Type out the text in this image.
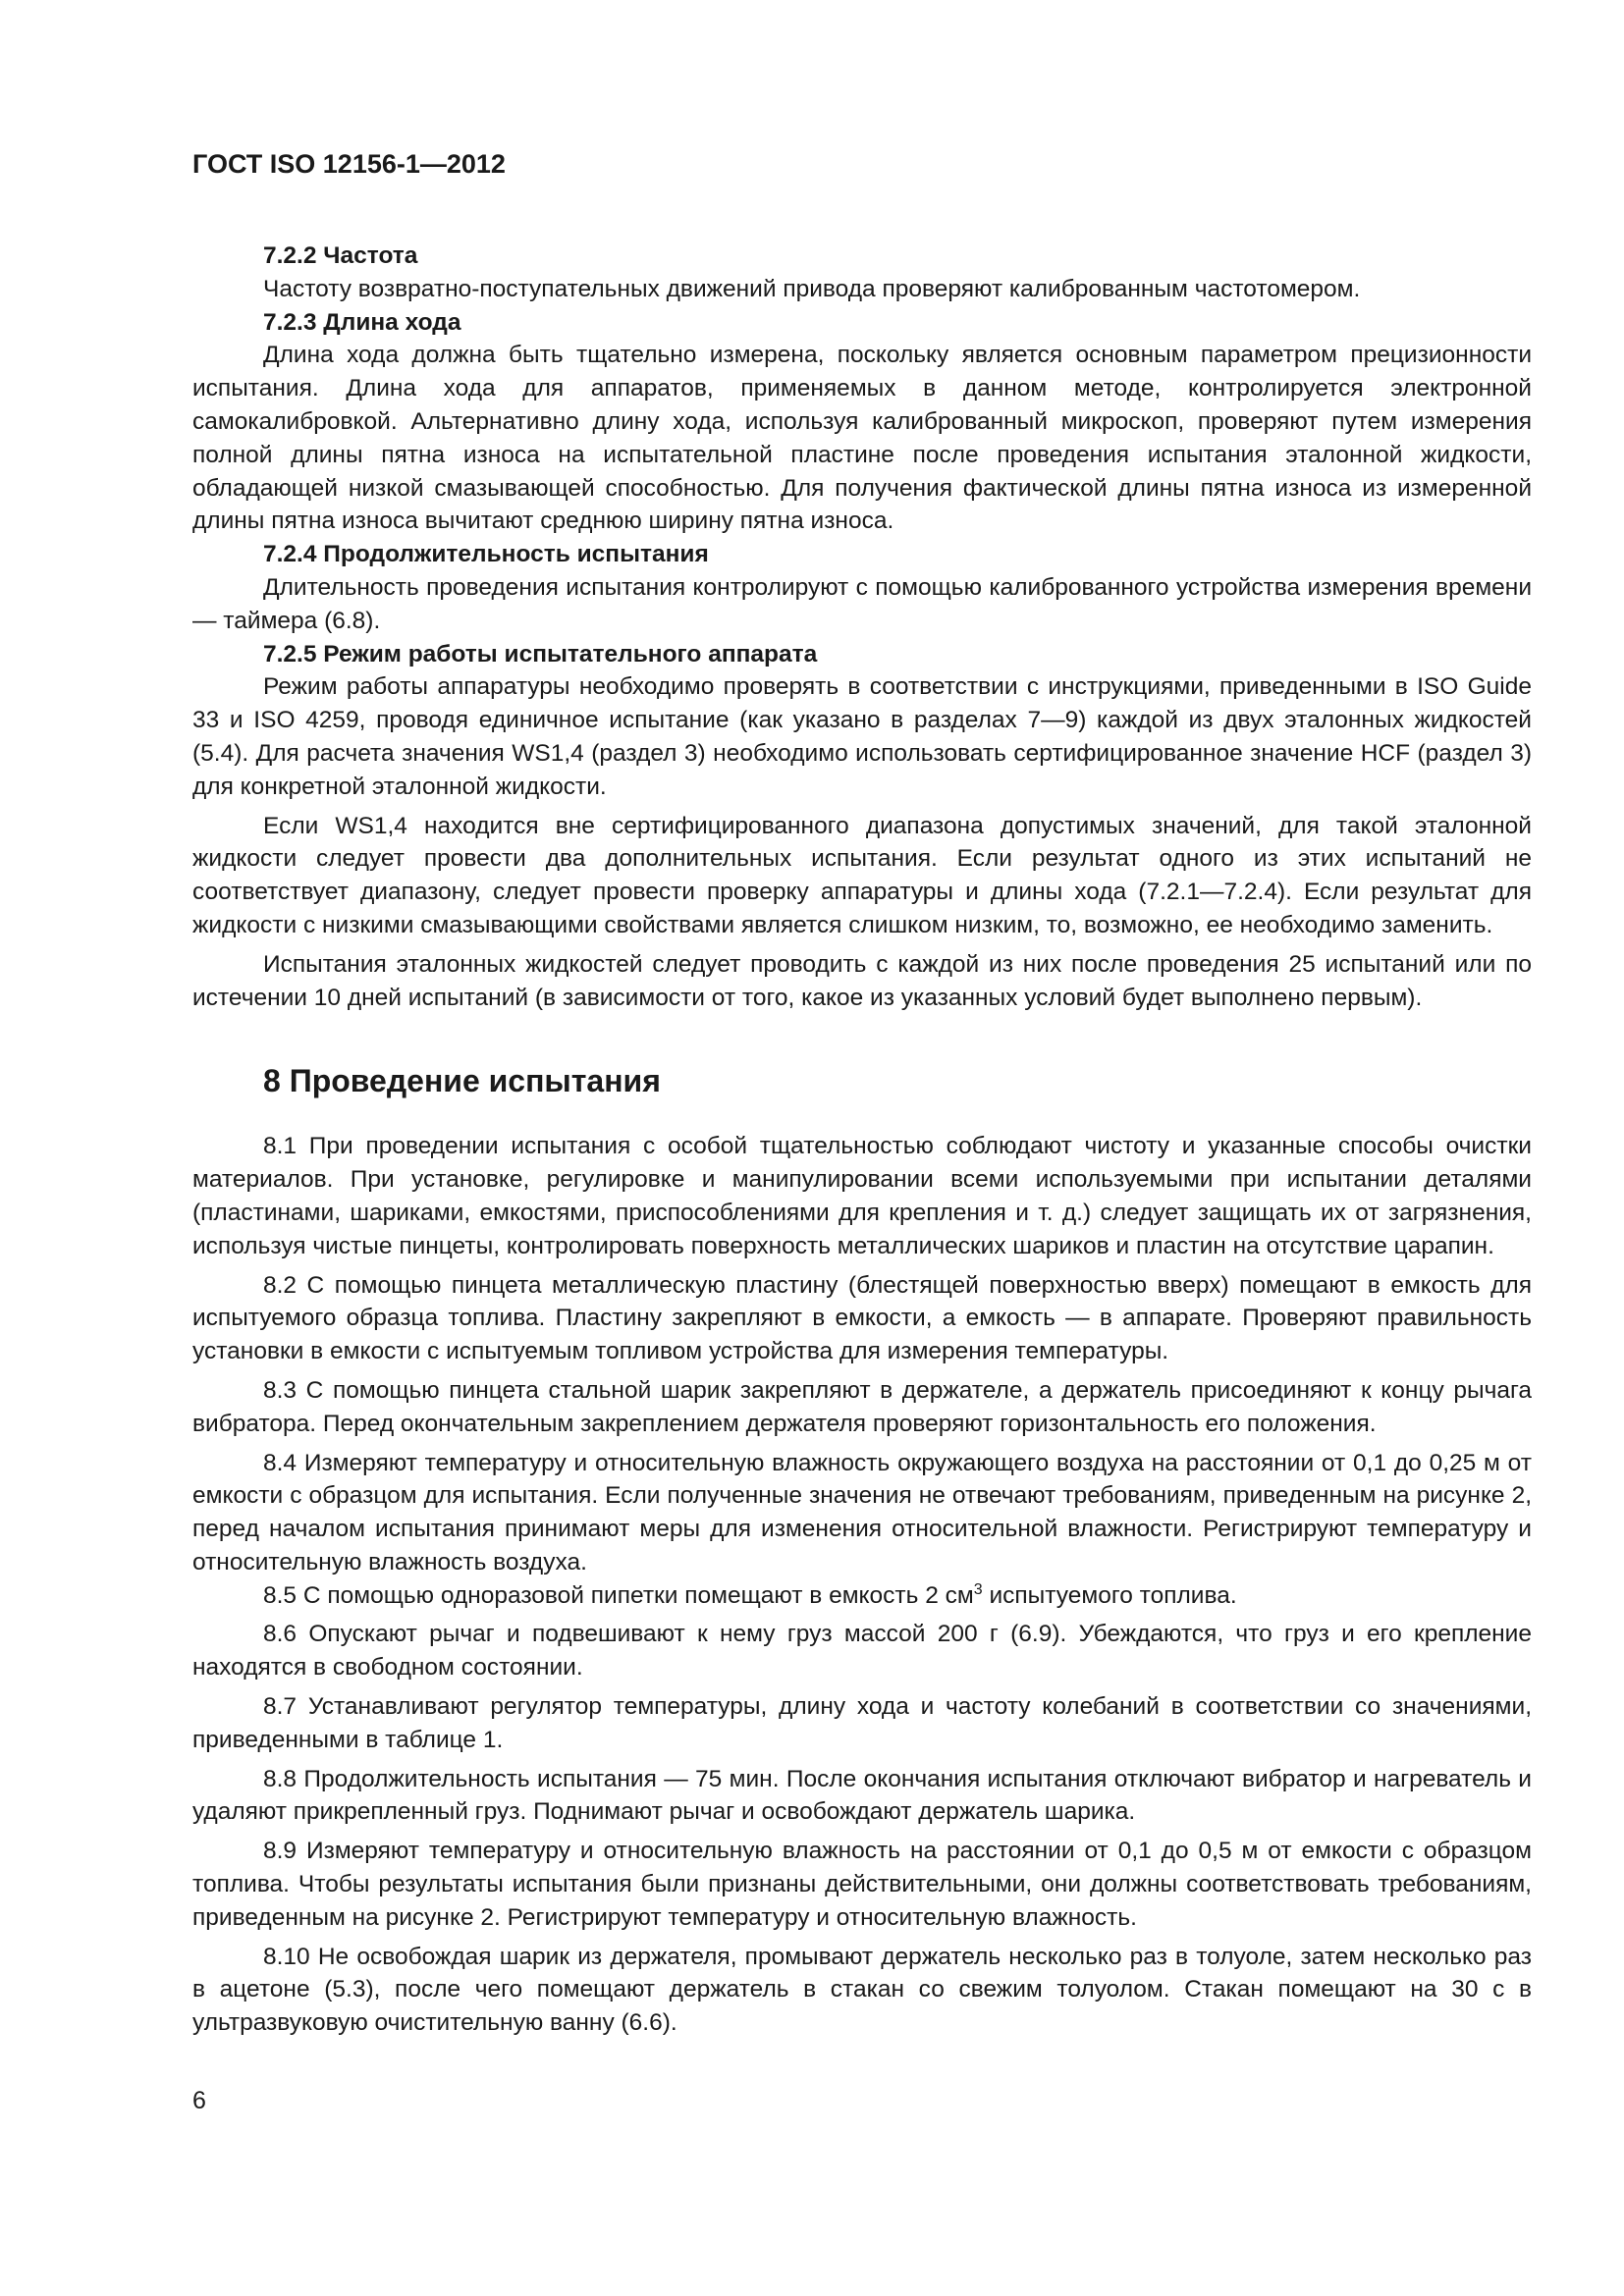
ГОСТ ISO 12156-1—2012

7.2.2 Частота

Частоту возвратно-поступательных движений привода проверяют калиброванным частотомером.

7.2.3 Длина хода

Длина хода должна быть тщательно измерена, поскольку является основным параметром прецизионности испытания. Длина хода для аппаратов, применяемых в данном методе, контролируется электронной самокалибровкой. Альтернативно длину хода, используя калиброванный микроскоп, проверяют путем измерения полной длины пятна износа на испытательной пластине после проведения испытания эталонной жидкости, обладающей низкой смазывающей способностью. Для получения фактической длины пятна износа из измеренной длины пятна износа вычитают среднюю ширину пятна износа.

7.2.4 Продолжительность испытания

Длительность проведения испытания контролируют с помощью калиброванного устройства измерения времени — таймера (6.8).

7.2.5 Режим работы испытательного аппарата

Режим работы аппаратуры необходимо проверять в соответствии с инструкциями, приведенными в ISO Guide 33 и ISO 4259, проводя единичное испытание (как указано в разделах 7—9) каждой из двух эталонных жидкостей (5.4). Для расчета значения WS1,4 (раздел 3) необходимо использовать сертифицированное значение HCF (раздел 3) для конкретной эталонной жидкости.

Если WS1,4 находится вне сертифицированного диапазона допустимых значений, для такой эталонной жидкости следует провести два дополнительных испытания. Если результат одного из этих испытаний не соответствует диапазону, следует провести проверку аппаратуры и длины хода (7.2.1—7.2.4). Если результат для жидкости с низкими смазывающими свойствами является слишком низким, то, возможно, ее необходимо заменить.

Испытания эталонных жидкостей следует проводить с каждой из них после проведения 25 испытаний или по истечении 10 дней испытаний (в зависимости от того, какое из указанных условий будет выполнено первым).

8 Проведение испытания

8.1 При проведении испытания с особой тщательностью соблюдают чистоту и указанные способы очистки материалов. При установке, регулировке и манипулировании всеми используемыми при испытании деталями (пластинами, шариками, емкостями, приспособлениями для крепления и т. д.) следует защищать их от загрязнения, используя чистые пинцеты, контролировать поверхность металлических шариков и пластин на отсутствие царапин.

8.2 С помощью пинцета металлическую пластину (блестящей поверхностью вверх) помещают в емкость для испытуемого образца топлива. Пластину закрепляют в емкости, а емкость — в аппарате. Проверяют правильность установки в емкости с испытуемым топливом устройства для измерения температуры.

8.3 С помощью пинцета стальной шарик закрепляют в держателе, а держатель присоединяют к концу рычага вибратора. Перед окончательным закреплением держателя проверяют горизонтальность его положения.

8.4 Измеряют температуру и относительную влажность окружающего воздуха на расстоянии от 0,1 до 0,25 м от емкости с образцом для испытания. Если полученные значения не отвечают требованиям, приведенным на рисунке 2, перед началом испытания принимают меры для изменения относительной влажности. Регистрируют температуру и относительную влажность воздуха.

8.5 С помощью одноразовой пипетки помещают в емкость 2 $см^3$ испытуемого топлива.

8.6 Опускают рычаг и подвешивают к нему груз массой 200 г (6.9). Убеждаются, что груз и его крепление находятся в свободном состоянии.

8.7 Устанавливают регулятор температуры, длину хода и частоту колебаний в соответствии со значениями, приведенными в таблице 1.

8.8 Продолжительность испытания — 75 мин. После окончания испытания отключают вибратор и нагреватель и удаляют прикрепленный груз. Поднимают рычаг и освобождают держатель шарика.

8.9 Измеряют температуру и относительную влажность на расстоянии от 0,1 до 0,5 м от емкости с образцом топлива. Чтобы результаты испытания были признаны действительными, они должны соответствовать требованиям, приведенным на рисунке 2. Регистрируют температуру и относительную влажность.

8.10 Не освобождая шарик из держателя, промывают держатель несколько раз в толуоле, затем несколько раз в ацетоне (5.3), после чего помещают держатель в стакан со свежим толуолом. Стакан помещают на 30 с в ультразвуковую очистительную ванну (6.6).

6
